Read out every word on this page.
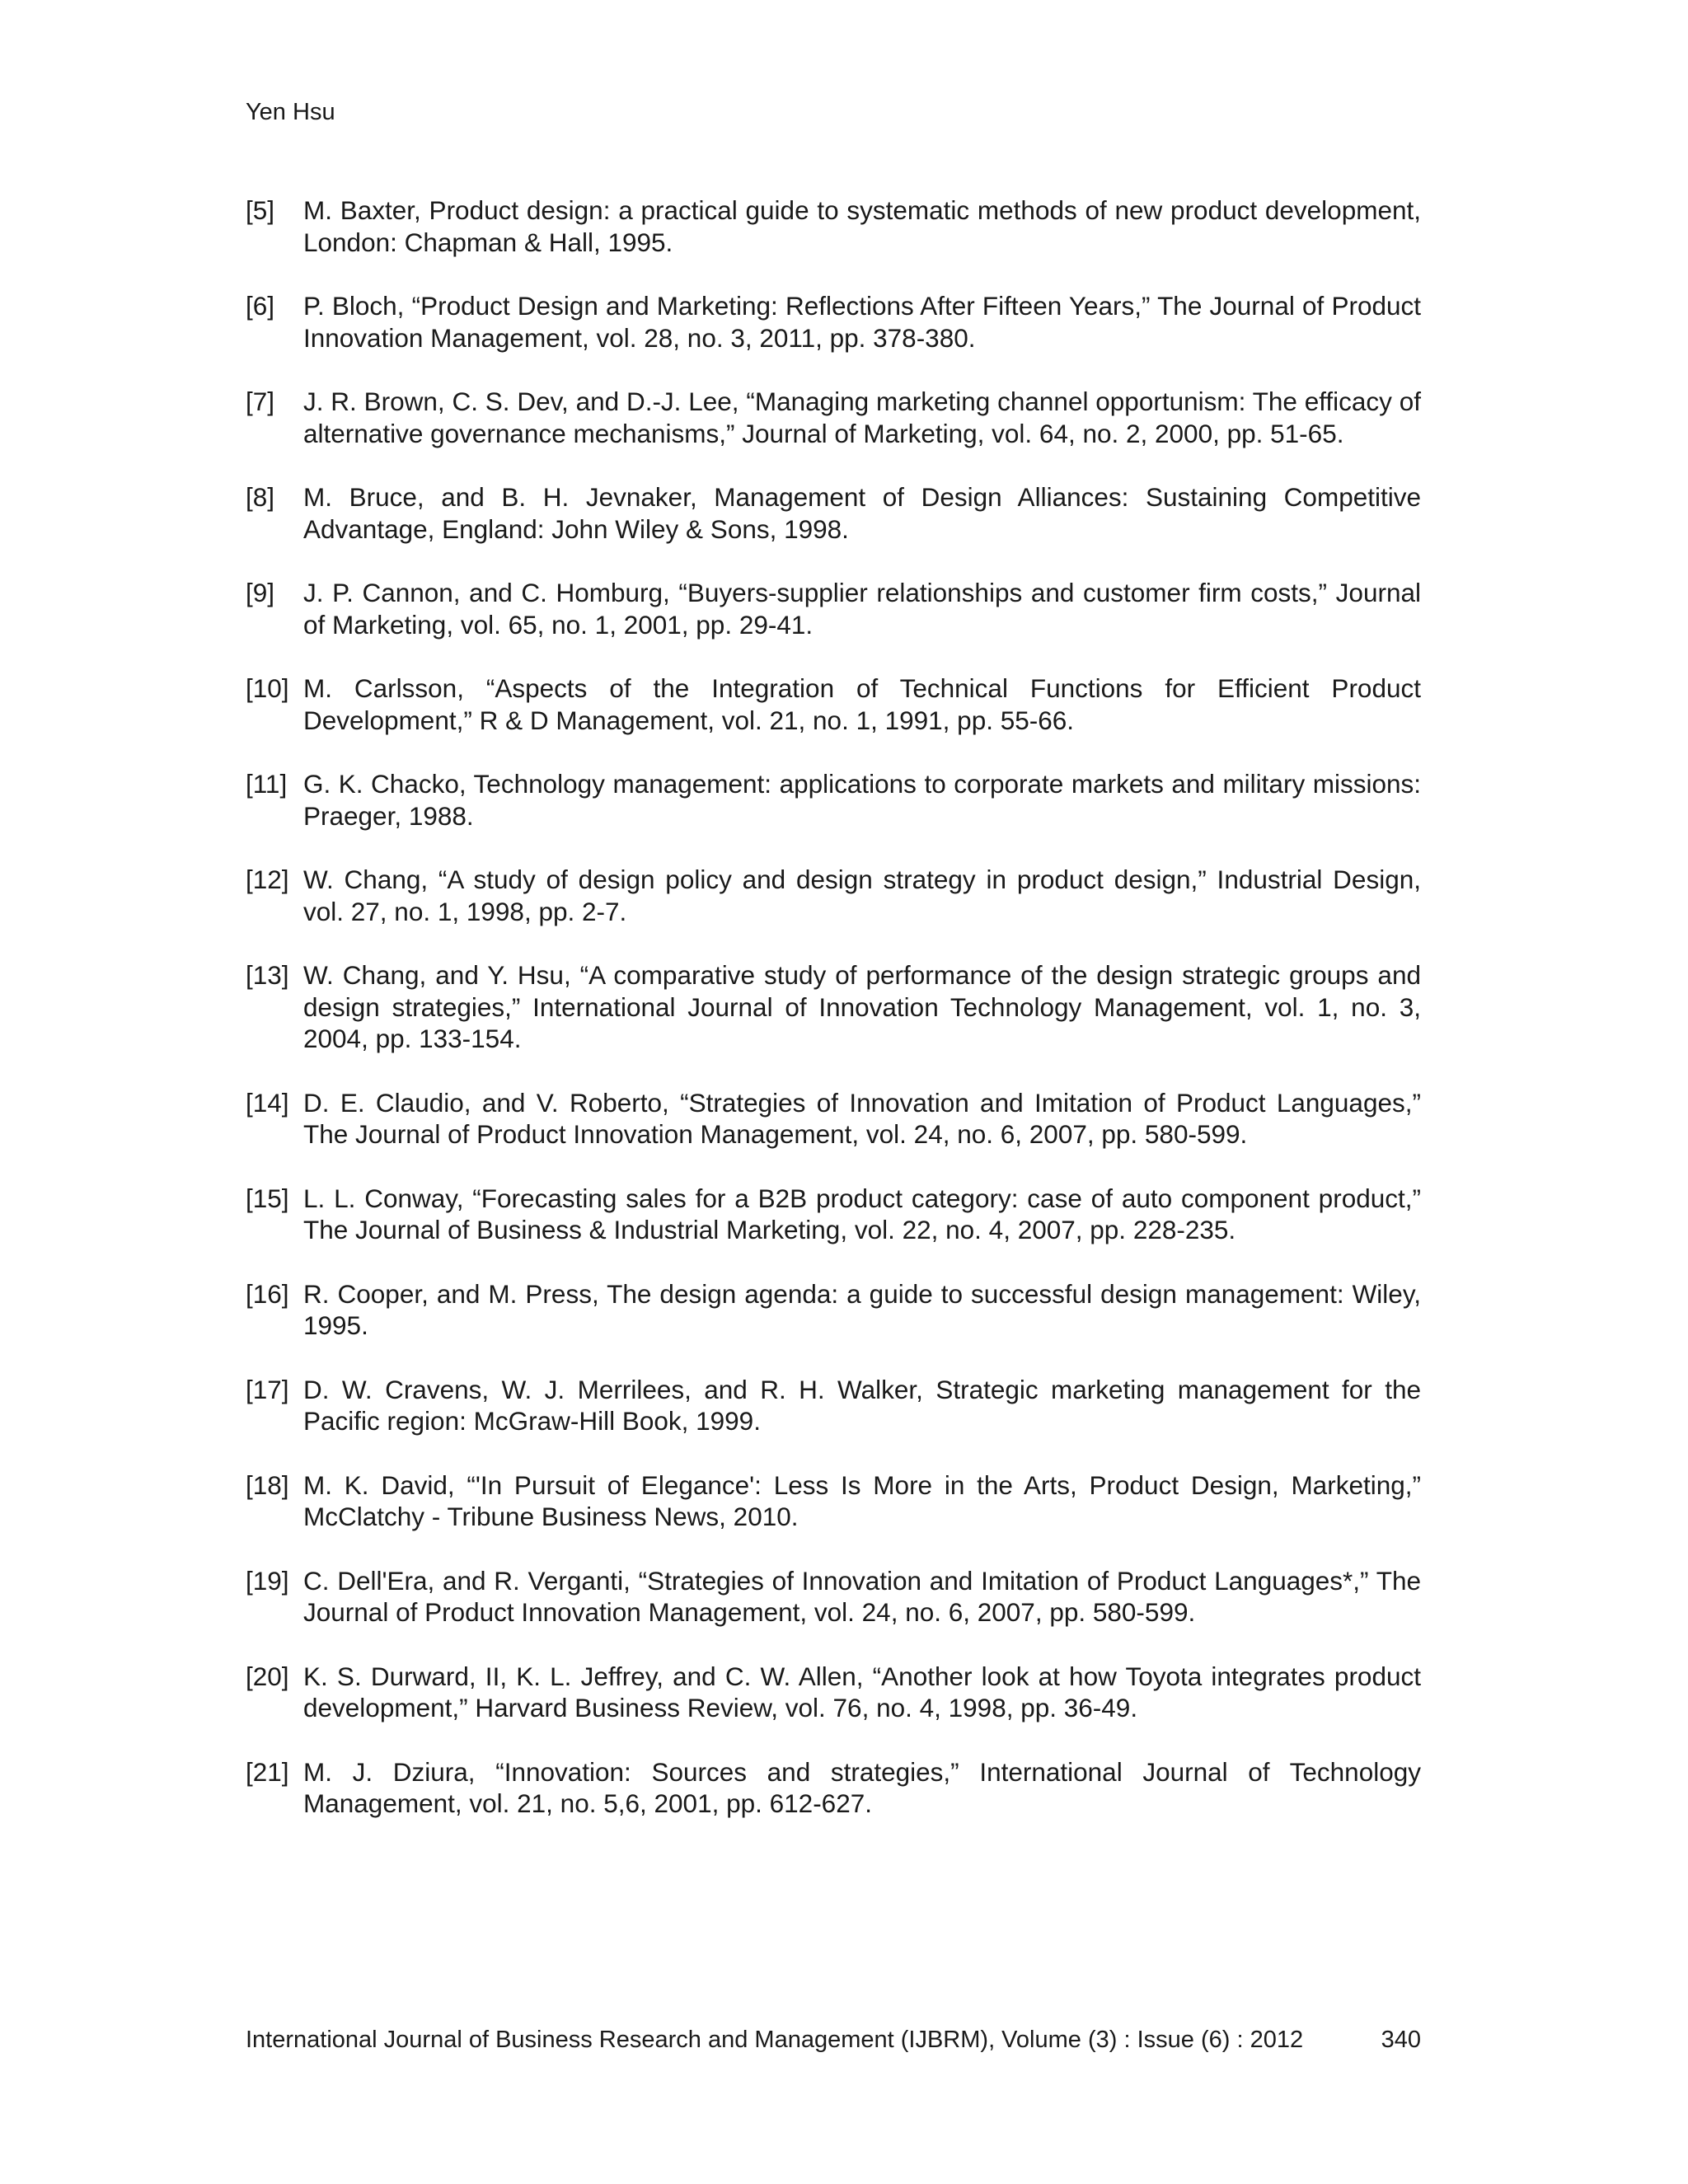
Yen Hsu
[5]	M. Baxter, Product design: a practical guide to systematic methods of new product development, London: Chapman & Hall, 1995.
[6]	P. Bloch, “Product Design and Marketing: Reflections After Fifteen Years,” The Journal of Product Innovation Management, vol. 28, no. 3, 2011, pp. 378-380.
[7]	J. R. Brown, C. S. Dev, and D.-J. Lee, “Managing marketing channel opportunism: The efficacy of alternative governance mechanisms,” Journal of Marketing, vol. 64, no. 2, 2000, pp. 51-65.
[8]	M. Bruce, and B. H. Jevnaker, Management of Design Alliances: Sustaining Competitive Advantage, England: John Wiley & Sons, 1998.
[9]	J. P. Cannon, and C. Homburg, “Buyers-supplier relationships and customer firm costs,” Journal of Marketing, vol. 65, no. 1, 2001, pp. 29-41.
[10] M. Carlsson, “Aspects of the Integration of Technical Functions for Efficient Product Development,” R & D Management, vol. 21, no. 1, 1991, pp. 55-66.
[11] G. K. Chacko, Technology management: applications to corporate markets and military missions: Praeger, 1988.
[12] W. Chang, “A study of design policy and design strategy in product design,” Industrial Design, vol. 27, no. 1, 1998, pp. 2-7.
[13] W. Chang, and Y. Hsu, “A comparative study of performance of the design strategic groups and design strategies,” International Journal of Innovation Technology Management, vol. 1, no. 3, 2004, pp. 133-154.
[14] D. E. Claudio, and V. Roberto, “Strategies of Innovation and Imitation of Product Languages,” The Journal of Product Innovation Management, vol. 24, no. 6, 2007, pp. 580-599.
[15] L. L. Conway, “Forecasting sales for a B2B product category: case of auto component product,” The Journal of Business & Industrial Marketing, vol. 22, no. 4, 2007, pp. 228-235.
[16] R. Cooper, and M. Press, The design agenda: a guide to successful design management: Wiley, 1995.
[17] D. W. Cravens, W. J. Merrilees, and R. H. Walker, Strategic marketing management for the Pacific region: McGraw-Hill Book, 1999.
[18] M. K. David, “'In Pursuit of Elegance': Less Is More in the Arts, Product Design, Marketing,” McClatchy - Tribune Business News, 2010.
[19] C. Dell'Era, and R. Verganti, “Strategies of Innovation and Imitation of Product Languages*,” The Journal of Product Innovation Management, vol. 24, no. 6, 2007, pp. 580-599.
[20] K. S. Durward, II, K. L. Jeffrey, and C. W. Allen, “Another look at how Toyota integrates product development,” Harvard Business Review, vol. 76, no. 4, 1998, pp. 36-49.
[21] M. J. Dziura, “Innovation: Sources and strategies,” International Journal of Technology Management, vol. 21, no. 5,6, 2001, pp. 612-627.
International Journal of Business Research and Management (IJBRM), Volume (3) : Issue (6) : 2012	340
